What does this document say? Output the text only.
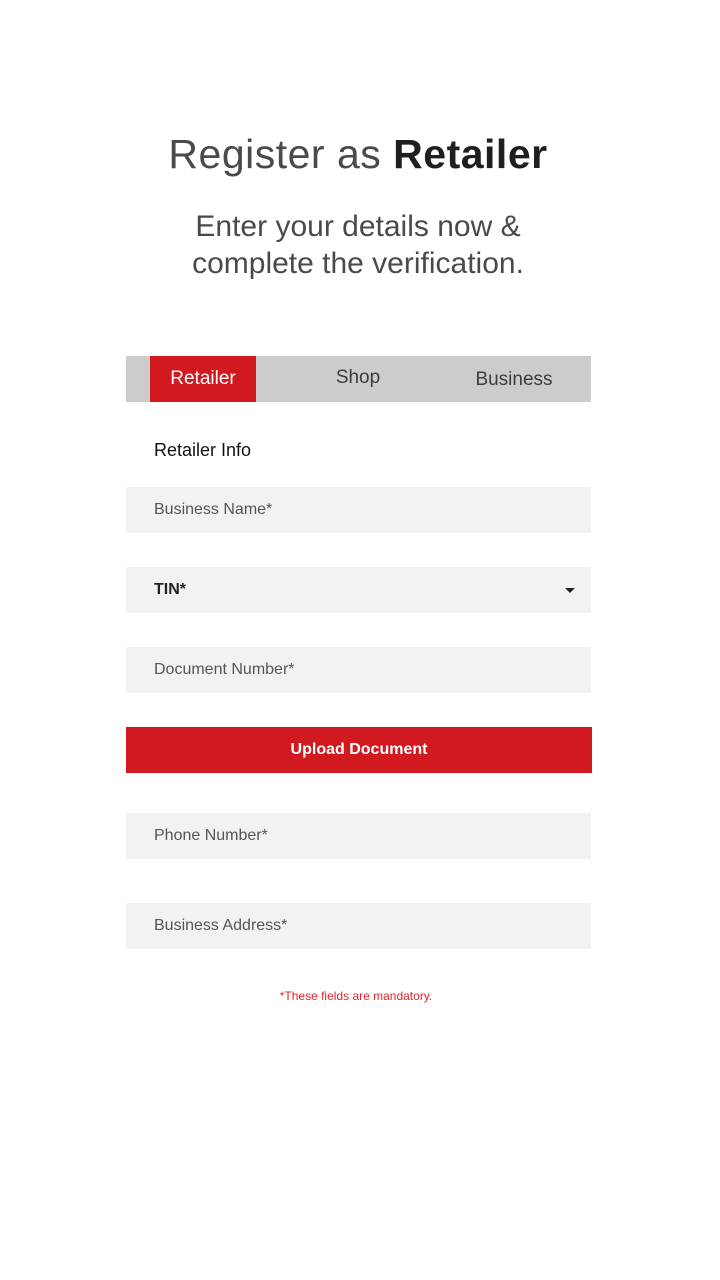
Register as Retailer
Enter your details now &
complete the verification.
Retailer	Shop	Business
Retailer Info
Business Name*
TIN*
Document Number*
Upload Document
Phone Number*
Business Address*
*These fields are mandatory.
